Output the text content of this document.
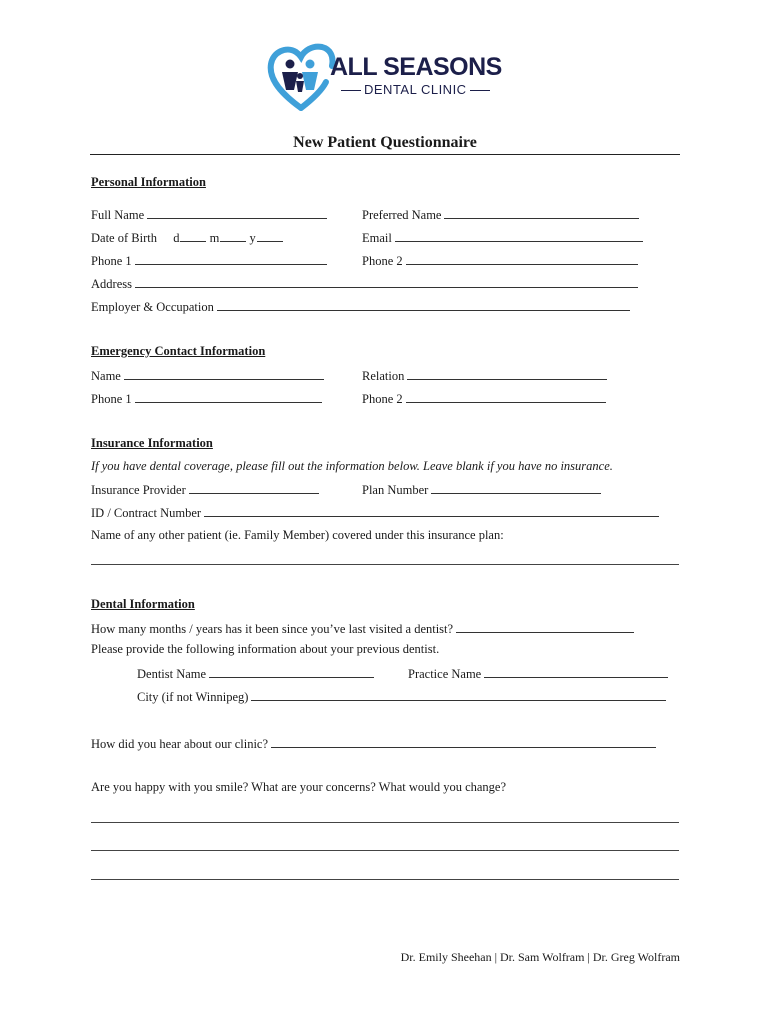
ALL SEASONS
DENTAL CLINIC
New Patient Questionnaire
Personal Information
Full Name	Preferred Name
Date of Birth d m y	Email
Phone 1	Phone 2
Address
Employer & Occupation
Emergency Contact Information
Name	Relation
Phone 1	Phone 2
Insurance Information
If you have dental coverage, please fill out the information below. Leave blank if you have no insurance.
Insurance Provider	Plan Number
ID / Contract Number
Name of any other patient (ie. Family Member) covered under this insurance plan:
Dental Information
How many months / years has it been since you’ve last visited a dentist?
Please provide the following information about your previous dentist.
Dentist Name	Practice Name
City (if not Winnipeg)
How did you hear about our clinic?
Are you happy with you smile? What are your concerns? What would you change?
Dr. Emily Sheehan | Dr. Sam Wolfram | Dr. Greg Wolfram
